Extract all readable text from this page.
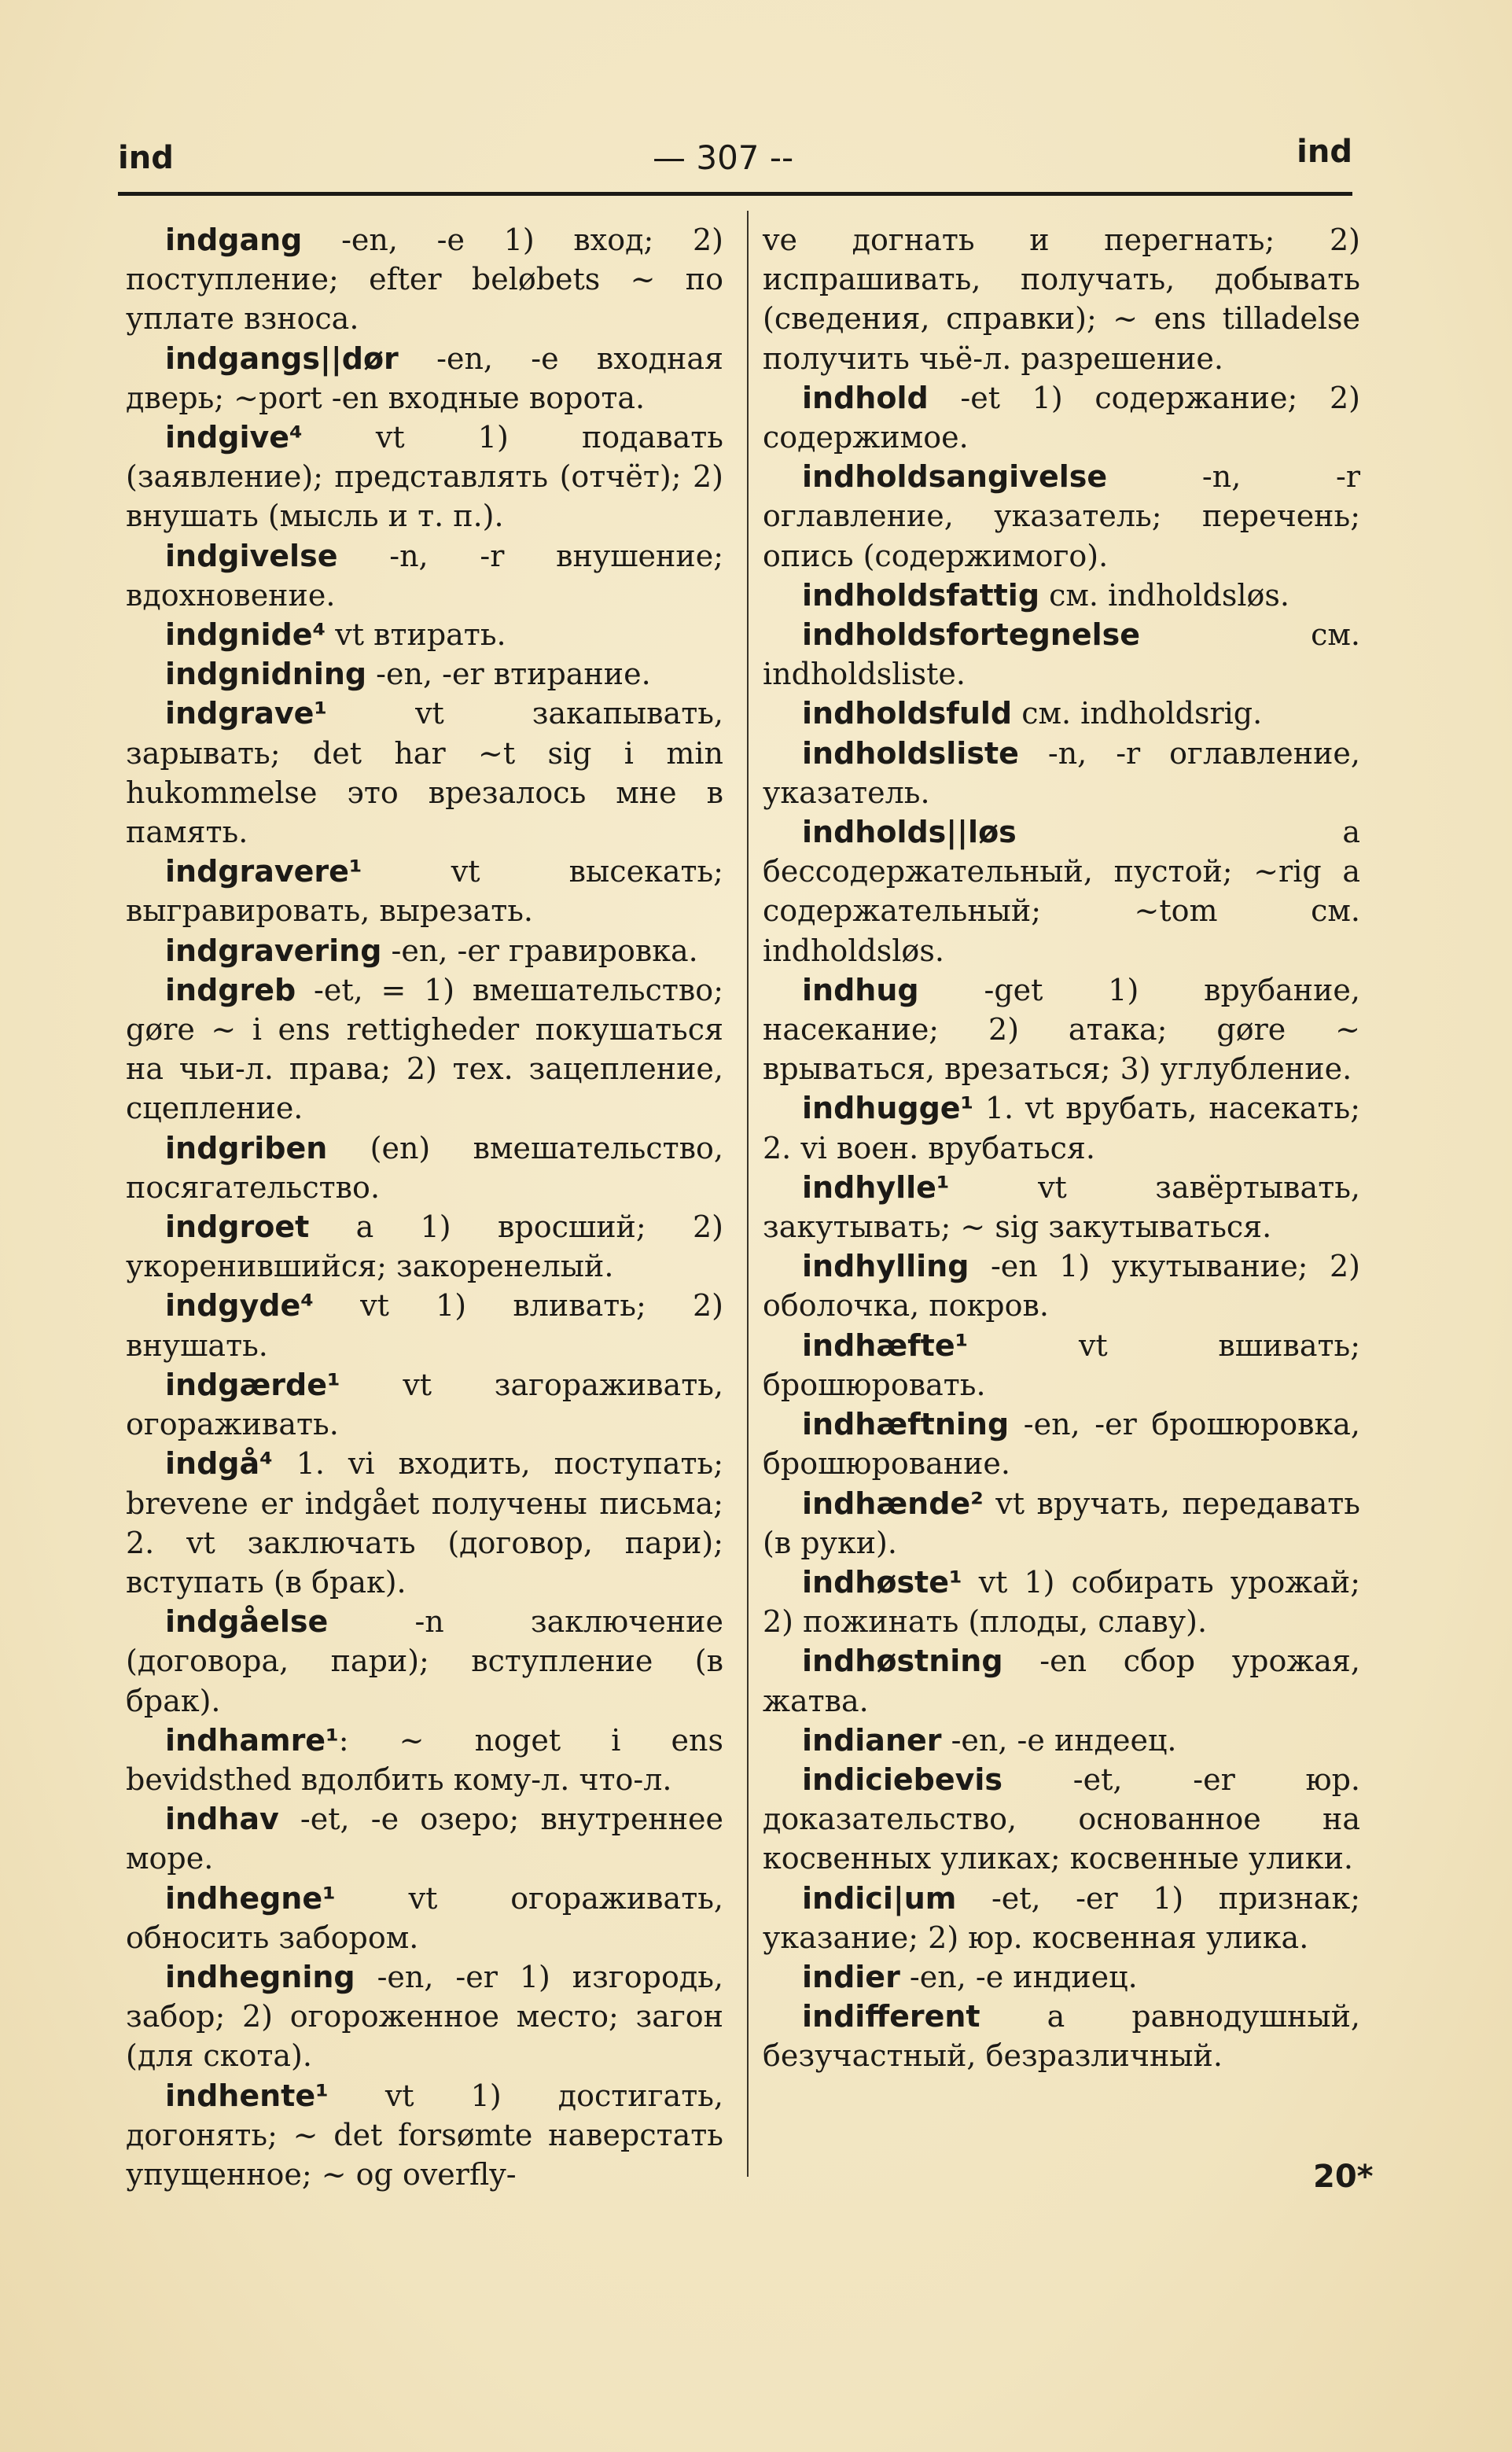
ind	— 307 --	ind

indgang -en, -e 1) вход; 2) поступление; efter beløbets ~ по уплате взноса.

indgangs||dør -en, -e входная дверь; ~port -en входные ворота.

indgive⁴ vt 1) подавать (заявление); представлять (отчёт); 2) внушать (мысль и т. п.).

indgivelse -n, -r внушение; вдохновение.

indgnide⁴ vt втирать.

indgnidning -en, -er втирание.

indgrave¹ vt закапывать, зарывать; det har ~t sig i min hukommelse это врезалось мне в память.

indgravere¹ vt высекать; выгравировать, вырезать.

indgravering -en, -er гравировка.

indgreb -et, = 1) вмешательство; gøre ~ i ens rettigheder покушаться на чьи-л. права; 2) тех. зацепление, сцепление.

indgriben (en) вмешательство, посягательство.

indgroet a 1) вросший; 2) укоренившийся; закоренелый.

indgyde⁴ vt 1) вливать; 2) внушать.

indgærde¹ vt загораживать, огораживать.

indgå⁴ 1. vi входить, поступать; brevene er indgået получены письма; 2. vt заключать (договор, пари); вступать (в брак).

indgåelse -n заключение (договора, пари); вступление (в брак).

indhamre¹: ~ noget i ens bevidsthed вдолбить кому-л. что-л.

indhav -et, -e озеро; внутреннее море.

indhegne¹ vt огораживать, обносить забором.

indhegning -en, -er 1) изгородь, забор; 2) огороженное место; загон (для скота).

indhente¹ vt 1) достигать, догонять; ~ det forsømte наверстать упущенное; ~ og overfly-

ve догнать и перегнать; 2) испрашивать, получать, добывать (сведения, справки); ~ ens tilladelse получить чьё-л. разрешение.

indhold -et 1) содержание; 2) содержимое.

indholdsangivelse -n, -r оглавление, указатель; перечень; опись (содержимого).

indholdsfattig см. indholdsløs.

indholdsfortegnelse см. indholdsliste.

indholdsfuld см. indholdsrig.

indholdsliste -n, -r оглавление, указатель.

indholds||løs a бессодержательный, пустой; ~rig a содержательный; ~tom см. indholdsløs.

indhug -get 1) врубание, насекание; 2) атака; gøre ~ врываться, врезаться; 3) углубление.

indhugge¹ 1. vt врубать, насекать; 2. vi воен. врубаться.

indhylle¹ vt завёртывать, закутывать; ~ sig закутываться.

indhylling -en 1) укутывание; 2) оболочка, покров.

indhæfte¹ vt вшивать; брошюровать.

indhæftning -en, -er брошюровка, брошюрование.

indhænde² vt вручать, передавать (в руки).

indhøste¹ vt 1) собирать урожай; 2) пожинать (плоды, славу).

indhøstning -en сбор урожая, жатва.

indianer -en, -e индеец.

indiciebevis -et, -er юр. доказательство, основанное на косвенных уликах; косвенные улики.

indici|um -et, -er 1) признак; указание; 2) юр. косвенная улика.

indier -en, -e индиец.

indifferent a равнодушный, безучастный, безразличный.

20*
